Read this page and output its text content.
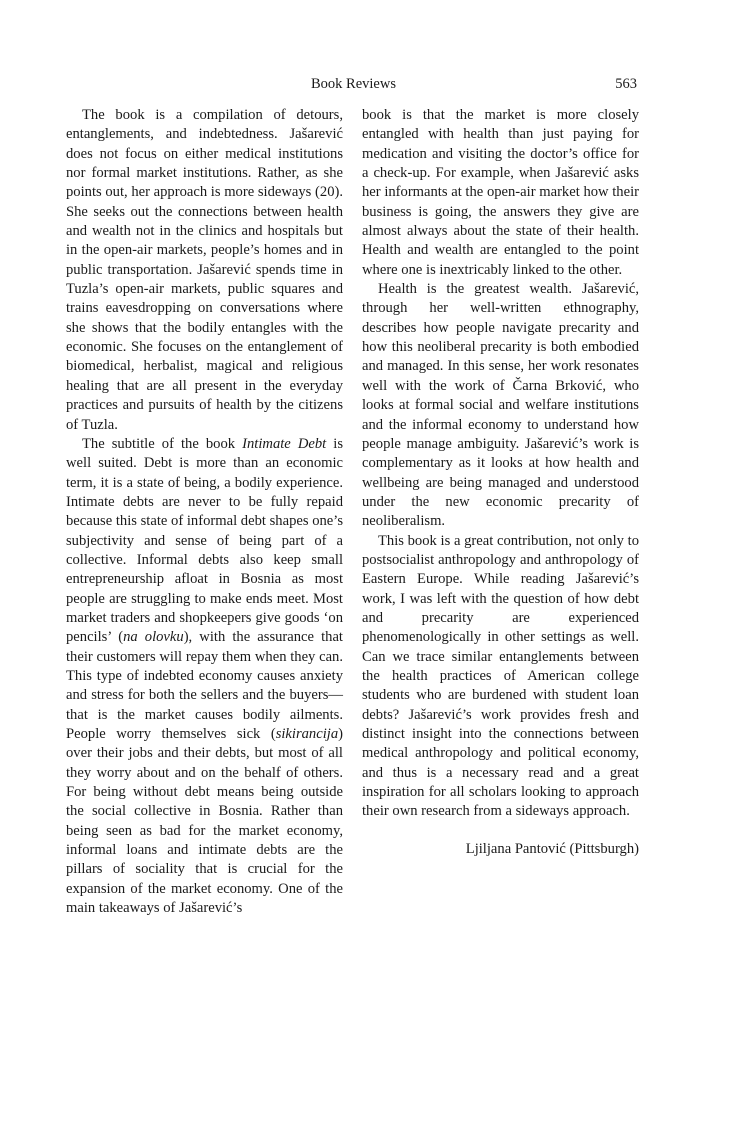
Book Reviews	563

The book is a compilation of detours, entanglements, and indebtedness. Jašarević does not focus on either medical institutions nor formal market institutions. Rather, as she points out, her approach is more sideways (20). She seeks out the connections between health and wealth not in the clinics and hospitals but in the open-air markets, people’s homes and in public transportation. Jašarević spends time in Tuzla’s open-air markets, public squares and trains eavesdropping on conversations where she shows that the bodily entangles with the economic. She focuses on the entanglement of biomedical, herbalist, magical and religious healing that are all present in the everyday practices and pursuits of health by the citizens of Tuzla.

The subtitle of the book Intimate Debt is well suited. Debt is more than an economic term, it is a state of being, a bodily experience. Intimate debts are never to be fully repaid because this state of informal debt shapes one’s subjectivity and sense of being part of a collective. Informal debts also keep small entrepreneurship afloat in Bosnia as most people are struggling to make ends meet. Most market traders and shopkeepers give goods ‘on pencils’ (na olovku), with the assurance that their customers will repay them when they can. This type of indebted economy causes anxiety and stress for both the sellers and the buyers—that is the market causes bodily ailments. People worry themselves sick (sikirancija) over their jobs and their debts, but most of all they worry about and on the behalf of others. For being without debt means being outside the social collective in Bosnia. Rather than being seen as bad for the market economy, informal loans and intimate debts are the pillars of sociality that is crucial for the expansion of the market economy. One of the main takeaways of Jašarević’s

book is that the market is more closely entangled with health than just paying for medication and visiting the doctor’s office for a check-up. For example, when Jašarević asks her informants at the open-air market how their business is going, the answers they give are almost always about the state of their health. Health and wealth are entangled to the point where one is inextricably linked to the other.

Health is the greatest wealth. Jašarević, through her well-written ethnography, describes how people navigate precarity and how this neoliberal precarity is both embodied and managed. In this sense, her work resonates well with the work of Čarna Brković, who looks at formal social and welfare institutions and the informal economy to understand how people manage ambiguity. Jašarević’s work is complementary as it looks at how health and wellbeing are being managed and understood under the new economic precarity of neoliberalism.

This book is a great contribution, not only to postsocialist anthropology and anthropology of Eastern Europe. While reading Jašarević’s work, I was left with the question of how debt and precarity are experienced phenomenologically in other settings as well. Can we trace similar entanglements between the health practices of American college students who are burdened with student loan debts? Jašarević’s work provides fresh and distinct insight into the connections between medical anthropology and political economy, and thus is a necessary read and a great inspiration for all scholars looking to approach their own research from a sideways approach.

Ljiljana Pantović (Pittsburgh)
